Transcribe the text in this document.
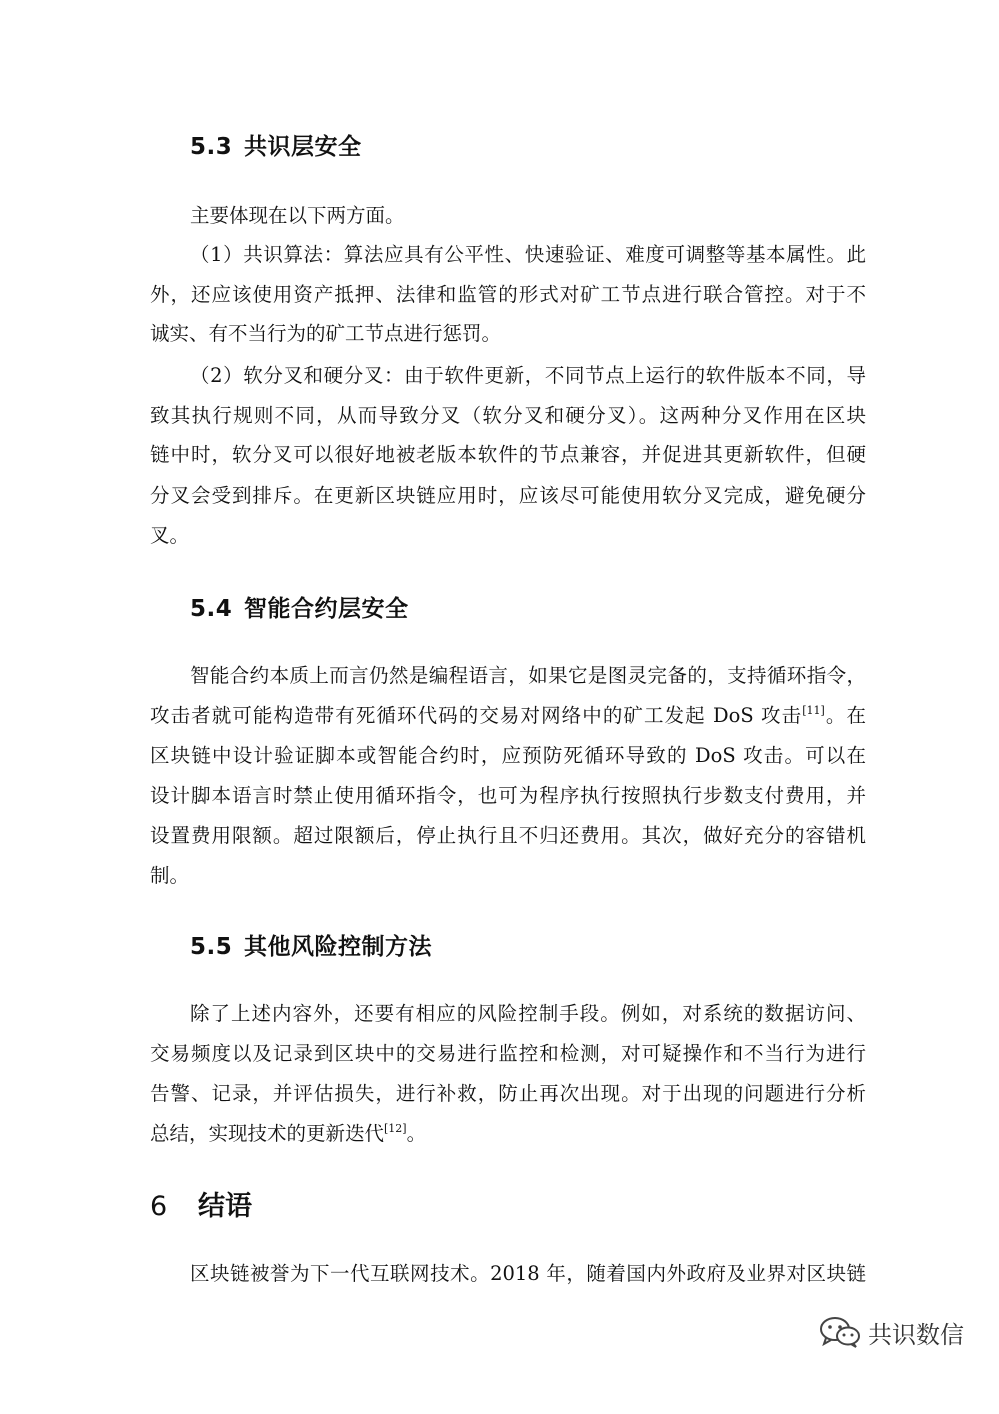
5.3 共识层安全
主要体现在以下两方面。
（1）共识算法：算法应具有公平性、快速验证、难度可调整等基本属性。此
外，还应该使用资产抵押、法律和监管的形式对矿工节点进行联合管控。对于不
诚实、有不当行为的矿工节点进行惩罚。
（2）软分叉和硬分叉：由于软件更新，不同节点上运行的软件版本不同，导
致其执行规则不同，从而导致分叉（软分叉和硬分叉）。这两种分叉作用在区块
链中时，软分叉可以很好地被老版本软件的节点兼容，并促进其更新软件，但硬
分叉会受到排斥。在更新区块链应用时，应该尽可能使用软分叉完成，避免硬分
叉。
5.4 智能合约层安全
智能合约本质上而言仍然是编程语言，如果它是图灵完备的，支持循环指令，
攻击者就可能构造带有死循环代码的交易对网络中的矿工发起 DoS 攻击[11]。在
区块链中设计验证脚本或智能合约时，应预防死循环导致的 DoS 攻击。可以在
设计脚本语言时禁止使用循环指令，也可为程序执行按照执行步数支付费用，并
设置费用限额。超过限额后，停止执行且不归还费用。其次，做好充分的容错机
制。
5.5 其他风险控制方法
除了上述内容外，还要有相应的风险控制手段。例如，对系统的数据访问、
交易频度以及记录到区块中的交易进行监控和检测，对可疑操作和不当行为进行
告警、记录，并评估损失，进行补救，防止再次出现。对于出现的问题进行分析
总结，实现技术的更新迭代[12]。
6 结语
区块链被誉为下一代互联网技术。2018 年，随着国内外政府及业界对区块链
共识数信
